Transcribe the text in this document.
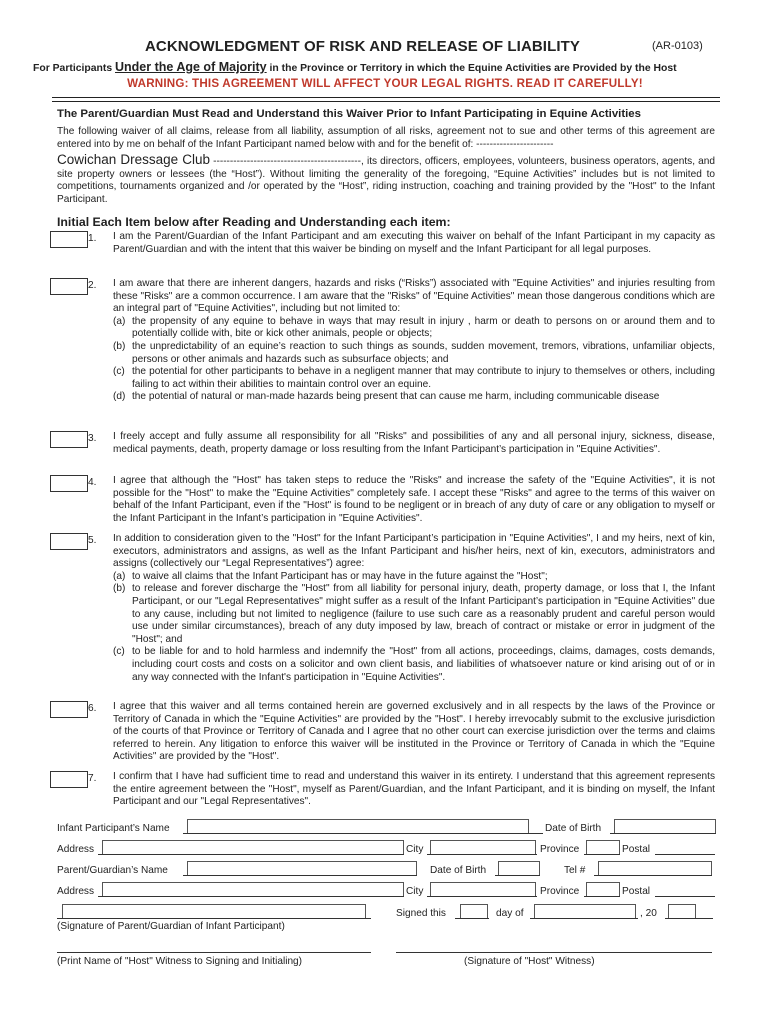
ACKNOWLEDGMENT OF RISK AND RELEASE OF LIABILITY	(AR-0103)
For Participants Under the Age of Majority in the Province or Territory in which the Equine Activities are Provided by the Host
WARNING: THIS AGREEMENT WILL AFFECT YOUR LEGAL RIGHTS. READ IT CAREFULLY!
The Parent/Guardian Must Read and Understand this Waiver Prior to Infant Participating in Equine Activities
The following waiver of all claims, release from all liability, assumption of all risks, agreement not to sue and other terms of this agreement are entered into by me on behalf of the Infant Participant named below with and for the benefit of: -----------------------
Cowichan Dressage Club --------------------------------------------, its directors, officers, employees, volunteers, business operators, agents, and site property owners or lessees (the “Host”). Without limiting the generality of the foregoing, “Equine Activities” includes but is not limited to competitions, tournaments organized and /or operated by the “Host”, riding instruction, coaching and training provided by the "Host" to the Infant Participant.
Initial Each Item below after Reading and Understanding each item:
1. I am the Parent/Guardian of the Infant Participant and am executing this waiver on behalf of the Infant Participant in my capacity as Parent/Guardian and with the intent that this waiver be binding on myself and the Infant Participant for all legal purposes.
2. I am aware that there are inherent dangers, hazards and risks (“Risks”) associated with "Equine Activities" and injuries resulting from these "Risks" are a common occurrence. I am aware that the "Risks" of "Equine Activities" mean those dangerous conditions which are an integral part of "Equine Activities", including but not limited to:
(a) the propensity of any equine to behave in ways that may result in injury , harm or death to persons on or around them and to potentially collide with, bite or kick other animals, people or objects;
(b) the unpredictability of an equine’s reaction to such things as sounds, sudden movement, tremors, vibrations, unfamiliar objects, persons or other animals and hazards such as subsurface objects; and
(c) the potential for other participants to behave in a negligent manner that may contribute to injury to themselves or others, including failing to act within their abilities to maintain control over an equine.
(d) the potential of natural or man-made hazards being present that can cause me harm, including communicable disease
3. I freely accept and fully assume all responsibility for all "Risks" and possibilities of any and all personal injury, sickness, disease, medical payments, death, property damage or loss resulting from the Infant Participant’s participation in "Equine Activities".
4. I agree that although the "Host" has taken steps to reduce the "Risks" and increase the safety of the "Equine Activities", it is not possible for the "Host" to make the "Equine Activities" completely safe. I accept these "Risks" and agree to the terms of this waiver on behalf of the Infant Participant, even if the "Host" is found to be negligent or in breach of any duty of care or any obligation to myself or the Infant Participant in the Infant’s participation in "Equine Activities".
5. In addition to consideration given to the "Host" for the Infant Participant’s participation in "Equine Activities", I and my heirs, next of kin, executors, administrators and assigns, as well as the Infant Participant and his/her heirs, next of kin, executors, administrators and assigns (collectively our “Legal Representatives”) agree:
(a) to waive all claims that the Infant Participant has or may have in the future against the "Host";
(b) to release and forever discharge the "Host" from all liability for personal injury, death, property damage, or loss that I, the Infant Participant, or our "Legal Representatives" might suffer as a result of the Infant Participant’s participation in "Equine Activities" due to any cause, including but not limited to negligence (failure to use such care as a reasonably prudent and careful person would use under similar circumstances), breach of any duty imposed by law, breach of contract or mistake or error in judgment of the "Host"; and
(c) to be liable for and to hold harmless and indemnify the "Host" from all actions, proceedings, claims, damages, costs demands, including court costs and costs on a solicitor and own client basis, and liabilities of whatsoever nature or kind arising out of or in any way connected with the Infant's participation in "Equine Activities".
6. I agree that this waiver and all terms contained herein are governed exclusively and in all respects by the laws of the Province or Territory of Canada in which the "Equine Activities" are provided by the "Host". I hereby irrevocably submit to the exclusive jurisdiction of the courts of that Province or Territory of Canada and I agree that no other court can exercise jurisdiction over the terms and claims referred to herein. Any litigation to enforce this waiver will be instituted in the Province or Territory of Canada in which the "Equine Activities" are provided by the "Host".
7. I confirm that I have had sufficient time to read and understand this waiver in its entirety. I understand that this agreement represents the entire agreement between the "Host", myself as Parent/Guardian, and the Infant Participant, and it is binding on myself, the Infant Participant and our "Legal Representatives".
Infant Participant’s Name	Date of Birth
Address	City	Province	Postal
Parent/Guardian’s Name	Date of Birth	Tel #
Address	City	Province	Postal
Signed this	day of	, 20
(Signature of Parent/Guardian of Infant Participant)
(Print Name of "Host" Witness to Signing and Initialing)	(Signature of "Host" Witness)
